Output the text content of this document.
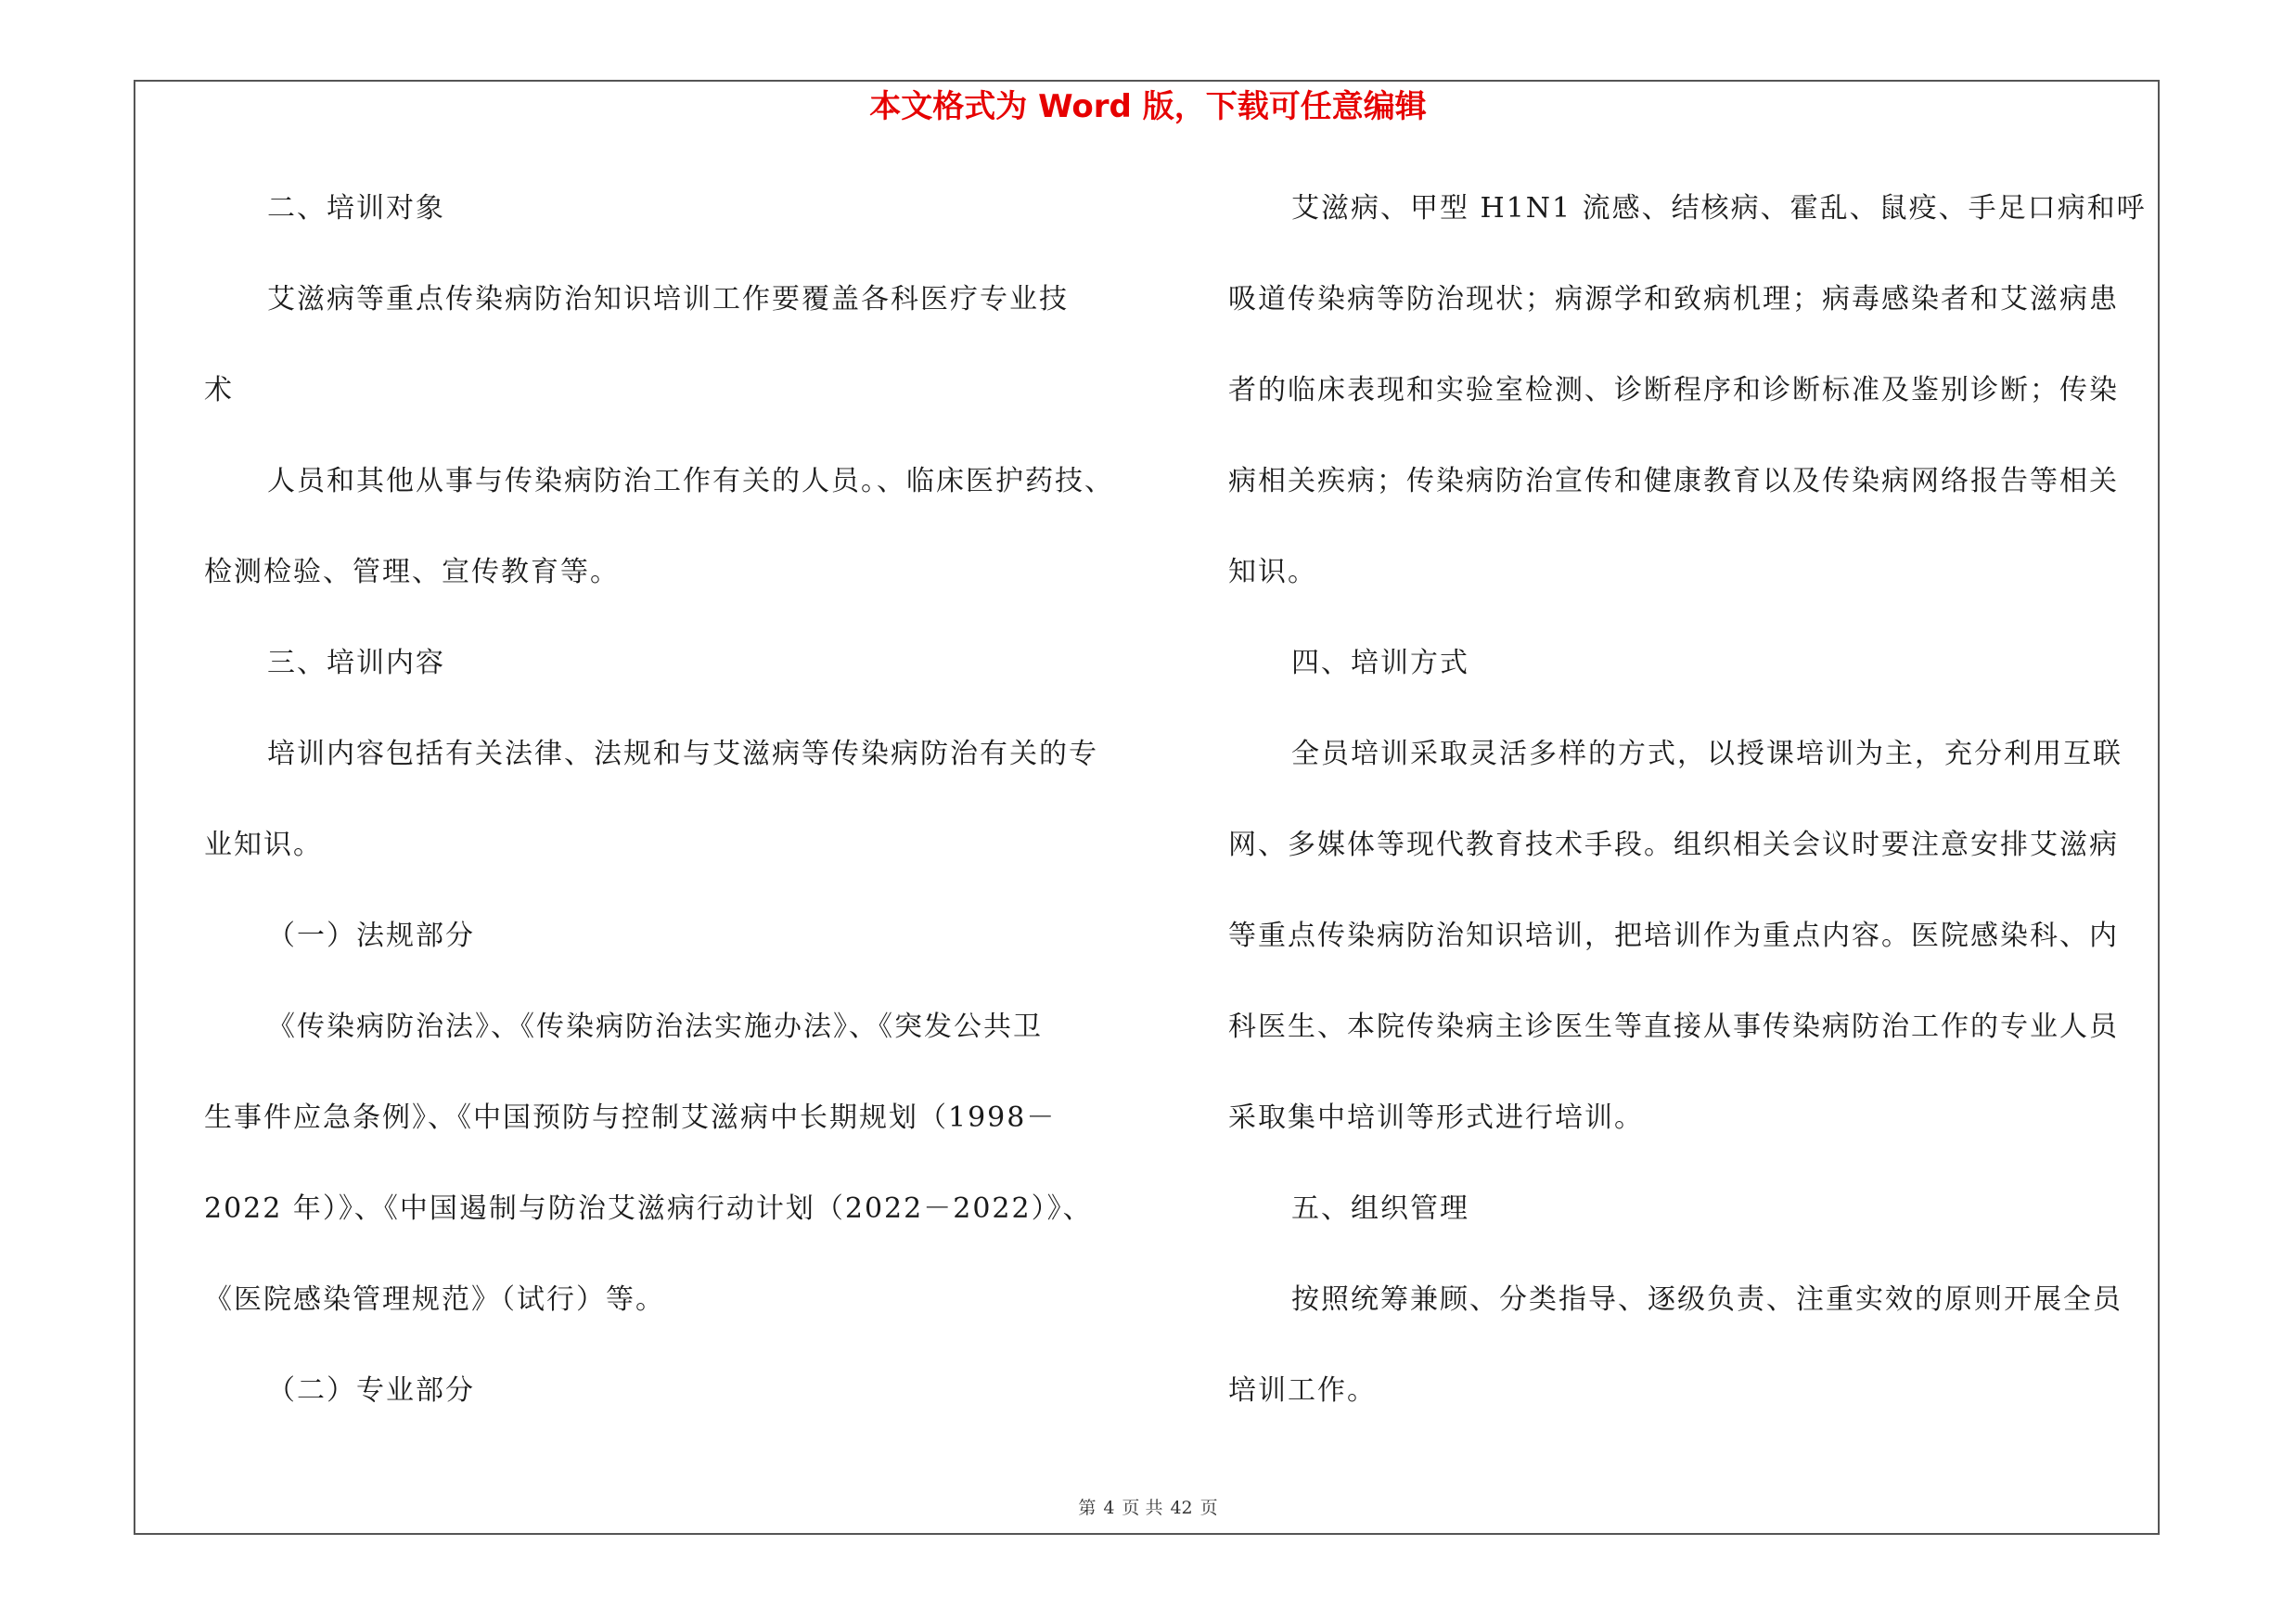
本文格式为 Word 版，下载可任意编辑
二、培训对象
艾滋病等重点传染病防治知识培训工作要覆盖各科医疗专业技
术
人员和其他从事与传染病防治工作有关的人员。、临床医护药技、
检测检验、管理、宣传教育等。
三、培训内容
培训内容包括有关法律、法规和与艾滋病等传染病防治有关的专
业知识。
（一）法规部分
《传染病防治法》、《传染病防治法实施办法》、《突发公共卫
生事件应急条例》、《中国预防与控制艾滋病中长期规划（1998－
2022 年）》、《中国遏制与防治艾滋病行动计划（2022－2022）》、
《医院感染管理规范》（试行）等。
（二）专业部分
艾滋病、甲型 H1N1 流感、结核病、霍乱、鼠疫、手足口病和呼
吸道传染病等防治现状；病源学和致病机理；病毒感染者和艾滋病患
者的临床表现和实验室检测、诊断程序和诊断标准及鉴别诊断；传染
病相关疾病；传染病防治宣传和健康教育以及传染病网络报告等相关
知识。
四、培训方式
全员培训采取灵活多样的方式，以授课培训为主，充分利用互联
网、多媒体等现代教育技术手段。组织相关会议时要注意安排艾滋病
等重点传染病防治知识培训，把培训作为重点内容。医院感染科、内
科医生、本院传染病主诊医生等直接从事传染病防治工作的专业人员
采取集中培训等形式进行培训。
五、组织管理
按照统筹兼顾、分类指导、逐级负责、注重实效的原则开展全员
培训工作。
第 4 页 共 42 页
